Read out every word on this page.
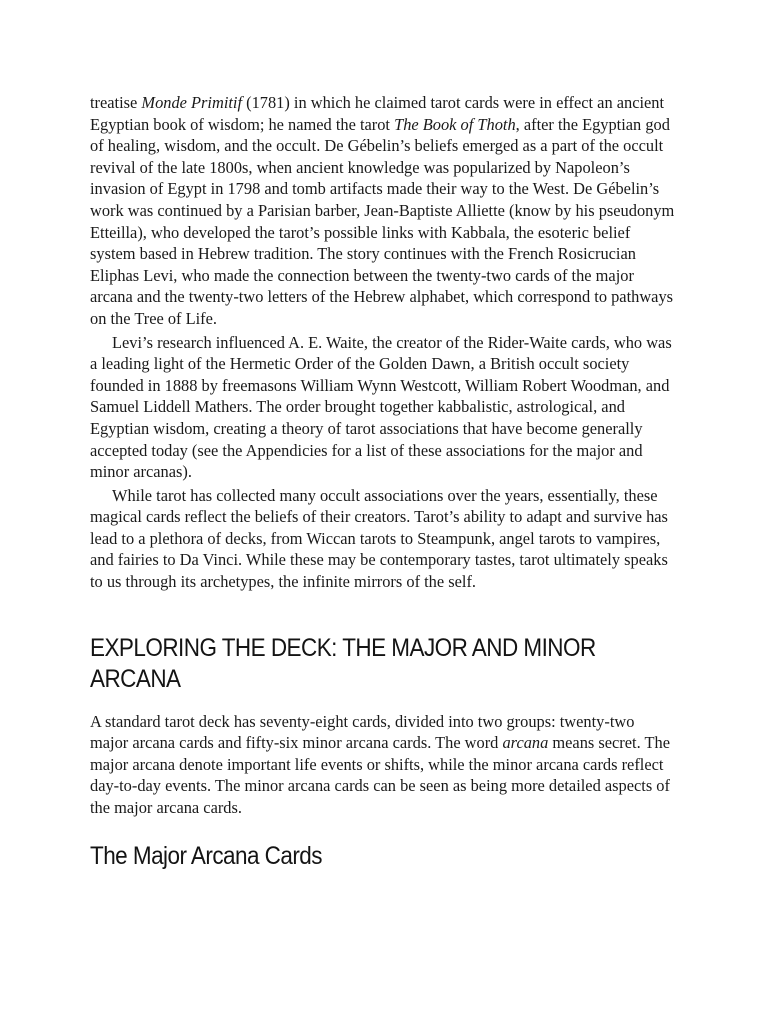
treatise Monde Primitif (1781) in which he claimed tarot cards were in effect an ancient Egyptian book of wisdom; he named the tarot The Book of Thoth, after the Egyptian god of healing, wisdom, and the occult. De Gébelin’s beliefs emerged as a part of the occult revival of the late 1800s, when ancient knowledge was popularized by Napoleon’s invasion of Egypt in 1798 and tomb artifacts made their way to the West. De Gébelin’s work was continued by a Parisian barber, Jean-Baptiste Alliette (know by his pseudonym Etteilla), who developed the tarot’s possible links with Kabbala, the esoteric belief system based in Hebrew tradition. The story continues with the French Rosicrucian Eliphas Levi, who made the connection between the twenty-two cards of the major arcana and the twenty-two letters of the Hebrew alphabet, which correspond to pathways on the Tree of Life.

Levi’s research influenced A. E. Waite, the creator of the Rider-Waite cards, who was a leading light of the Hermetic Order of the Golden Dawn, a British occult society founded in 1888 by freemasons William Wynn Westcott, William Robert Woodman, and Samuel Liddell Mathers. The order brought together kabbalistic, astrological, and Egyptian wisdom, creating a theory of tarot associations that have become generally accepted today (see the Appendicies for a list of these associations for the major and minor arcanas).

While tarot has collected many occult associations over the years, essentially, these magical cards reflect the beliefs of their creators. Tarot’s ability to adapt and survive has lead to a plethora of decks, from Wiccan tarots to Steampunk, angel tarots to vampires, and fairies to Da Vinci. While these may be contemporary tastes, tarot ultimately speaks to us through its archetypes, the infinite mirrors of the self.

EXPLORING THE DECK: THE MAJOR AND MINOR ARCANA

A standard tarot deck has seventy-eight cards, divided into two groups: twenty-two major arcana cards and fifty-six minor arcana cards. The word arcana means secret. The major arcana denote important life events or shifts, while the minor arcana cards reflect day-to-day events. The minor arcana cards can be seen as being more detailed aspects of the major arcana cards.

The Major Arcana Cards
